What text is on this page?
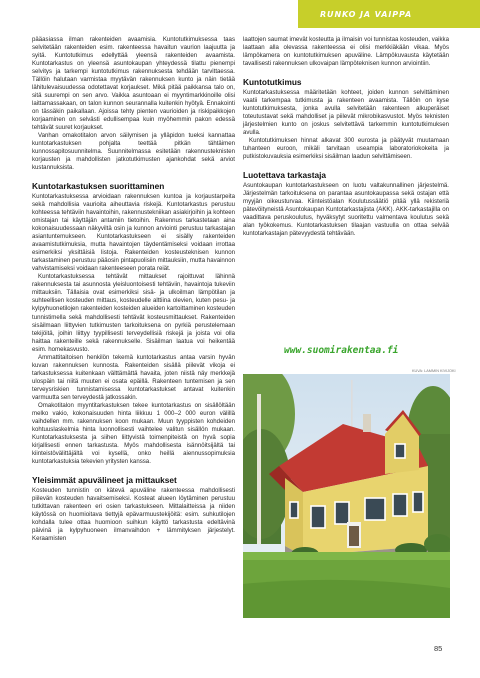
RUNKO JA VAIPPA

pääasiassa ilman rakenteiden avaamisia. Kuntotutkimuksessa taas selvitetään rakenteiden esim. rakenteessa havaitun vaurion laajuutta ja syitä. Kuntotutkimus edellyttää yleensä rakenteiden avaamista. Kuntotarkastus on yleensä asuntokaupan yhteydessä tilattu pienempi selvitys ja tarkempi kuntotutkimus rakennuksesta tehdään tarvittaessa. Tällöin halutaan varmistaa myytävän rakennuksen kunto ja näin tietää lähitulevaisuudessa odotettavat korjaukset. Mikä pitää paikkansa talo on, sitä suurempi on sen arvo. Vaikka asuntoaan ei myyntimarkkinoille olisi laittamassakaan, on talon kunnon seurannalla kuitenkin hyötyä. Ennakointi on tässäkin paikallaan. Ajoissa tehty pienten vaurioiden ja riskipaikkojen korjaaminen on selvästi edullisempaa kuin myöhemmin pakon edessä tehtävät suuret korjaukset.

Vanhan omakotitalon arvon säilymisen ja ylläpidon tueksi kannattaa kuntotarkastuksen pohjalta teettää pitkän tähtäimen kunnossapitosuunnitelma. Suunnitelmassa esitetään rakennusteknisten korjausten ja mahdollisten jatkotutkimusten ajankohdat sekä arviot kustannuksista.

Kuntotarkastuksen suorittaminen

Kuntotarkastuksessa arvioidaan rakennuksen kuntoa ja korjaustarpeita sekä mahdollisia vaurioita aiheuttavia riskejä. Kuntotarkastus perustuu kohteessa tehtäviin havaintoihin, rakennustekniikan asiakirjoihin ja kohteen omistajan tai käyttäjän antamiin tietoihin. Rakennus tarkastetaan aina kokonaisuudessaan näkyviltä osin ja kunnon arviointi perustuu tarkastajan asiantuntemukseen. Kuntotarkastukseen ei sisälly rakenteiden avaamistutkimuksia, mutta havaintojen täydentämiseksi voidaan irrottaa esimerkiksi yksittäisiä listoja. Rakenteiden kosteusteknisen kunnon tarkastaminen perustuu pääosin pintapuolisiin mittauksiin, mutta havainnon vahvistamiseksi voidaan rakenteeseen porata reiät.

Kuntotarkastuksessa tehtävät mittaukset rajoittuvat lähinnä rakennuksesta tai asunnosta yleisluontoisesti tehtäviin, havaintoja tukeviin mittauksiin. Tällaisia ovat esimerkiksi sisä- ja ulkoilman lämpötilan ja suhteellisen kosteuden mittaus, kosteudelle alttiina olevien, kuten pesu- ja kylpyhuonetilojen rakenteiden kosteiden alueiden kartoittaminen kosteuden tunnistimella sekä mahdollisesti tehtävät kosteusmittaukset. Rakenteiden sisäilmaan liittyvien tutkimusten tarkoituksena on pyrkiä perustelemaan tekijöitä, joihin liittyy tyypillisesti terveydellisiä riskejä ja joista voi olla haittaa rakenteille sekä rakennukselle. Sisäilman laatua voi heikentää esim. homekasvusto.

Ammattitaitoisen henkilön tekemä kuntotarkastus antaa varsin hyvän kuvan rakennuksen kunnosta. Rakenteiden sisällä piilevät vikoja ei tarkastuksessa kuitenkaan välttämättä havaita, joten niistä näy merkkejä ulospäin tai niitä muuten ei osata epäillä. Rakenteen tuntemisen ja sen terveysriskien tunnistamisessa kuntotarkastukset antavat kuitenkin varmuutta sen terveydestä jatkossakin.

Omakotitalon myyntitarkastuksen tekee kuntotarkastus on sisällöltään melko vakio, kokonaisuuden hinta liikkuu 1 000–2 000 euron välillä vaihdellen mm. rakennuksen koon mukaan. Muun tyyppisten kohdeiden kohtuuslaskelmia hinta luonnollisesti vaihtelee valitun sisällön mukaan. Kuntotarkastuksesta ja siihen liittyvistä toimenpiteistä on hyvä sopia kirjallisesti ennen tarkastusta. Myös mahdollisesta isännöitsijältä tai kiinteistövälittäjältä voi kysellä, onko heillä aiennussopimuksia kuntotarkastuksia tekevien yritysten kanssa.

Yleisimmät apuvälineet ja mittaukset

Kosteuden tunnistin on kätevä apuväline rakenteessa mahdollisesti piilevän kosteuden havaitsemiseksi. Kosteat alueen löytäminen perustuu tutkittavan rakenteen eri osien tarkastukseen. Mittalaitteissa ja niiden käytössä on huomioitava tiettyjä epävarmuustekijöitä: esim. suhkutilojen kohdalla tulee ottaa huomioon suihkun käyttö tarkastusta edeltävinä päivinä ja kylpyhuoneen ilmanvaihdon + lämmityksen järjestelyt. Keraamisten

laattojen saumat imevät kosteutta ja ilmaisin voi tunnistaa kosteuden, vaikka laattaan alla olevassa rakenteessa ei olisi merkkiäkään vikaa. Myös lämpökamera on kuntotutkimuksen apuväline. Lämpökuvausta käytetään tavallisesti rakennuksen ulkovaipan lämpöteknisen kunnon arviointiin.

Kuntotutkimus

Kuntotarkastuksessa määritetään kohteet, joiden kunnon selvittäminen vaatii tarkempaa tutkimusta ja rakenteen avaamista. Tällöin on kyse kuntotutkimuksesta, jonka avulla selvitetään rakenteen alkuperäiset toteutustavat sekä mahdolliset ja piilevät mikrobikasvustot. Myös teknisten järjestelmien kunto on joskus selvitettävä tarkemmin kuntotutkimuksen avulla.

Kuntotutkimuksen hinnat alkavat 300 eurosta ja päätyvät muutamaan tuhanteen euroon, mikäli tarvitaan useampia laboratoriokokeita ja putkistokuvauksia esimerkiksi sisäilman laadun selvittämiseen.

Luotettava tarkastaja

Asuntokaupan kuntotarkastukseen on luotu valtakunnallinen järjestelmä. Järjestelmän tarkoituksena on parantaa asuntokaupassa sekä ostajan että myyjän oikeusturvaa. Kiinteistöalan Koulutussäätiö pitää yllä rekisteriä pätevöityneistä Asuntokaupan Kuntotarkastajista (AKK). AKK-tarkastajilla on vaadittava peruskoulutus, hyväksytyt suoritettu valmentava koulutus sekä alan työkokemus. Kuntotarkastuksen tilaajan vastuulla on ottaa selvää kuntotarkastajan pätevyydestä tehtävään.

www.suomirakentaa.fi
KUVA: LAMMIN KIVIJOKI
85
